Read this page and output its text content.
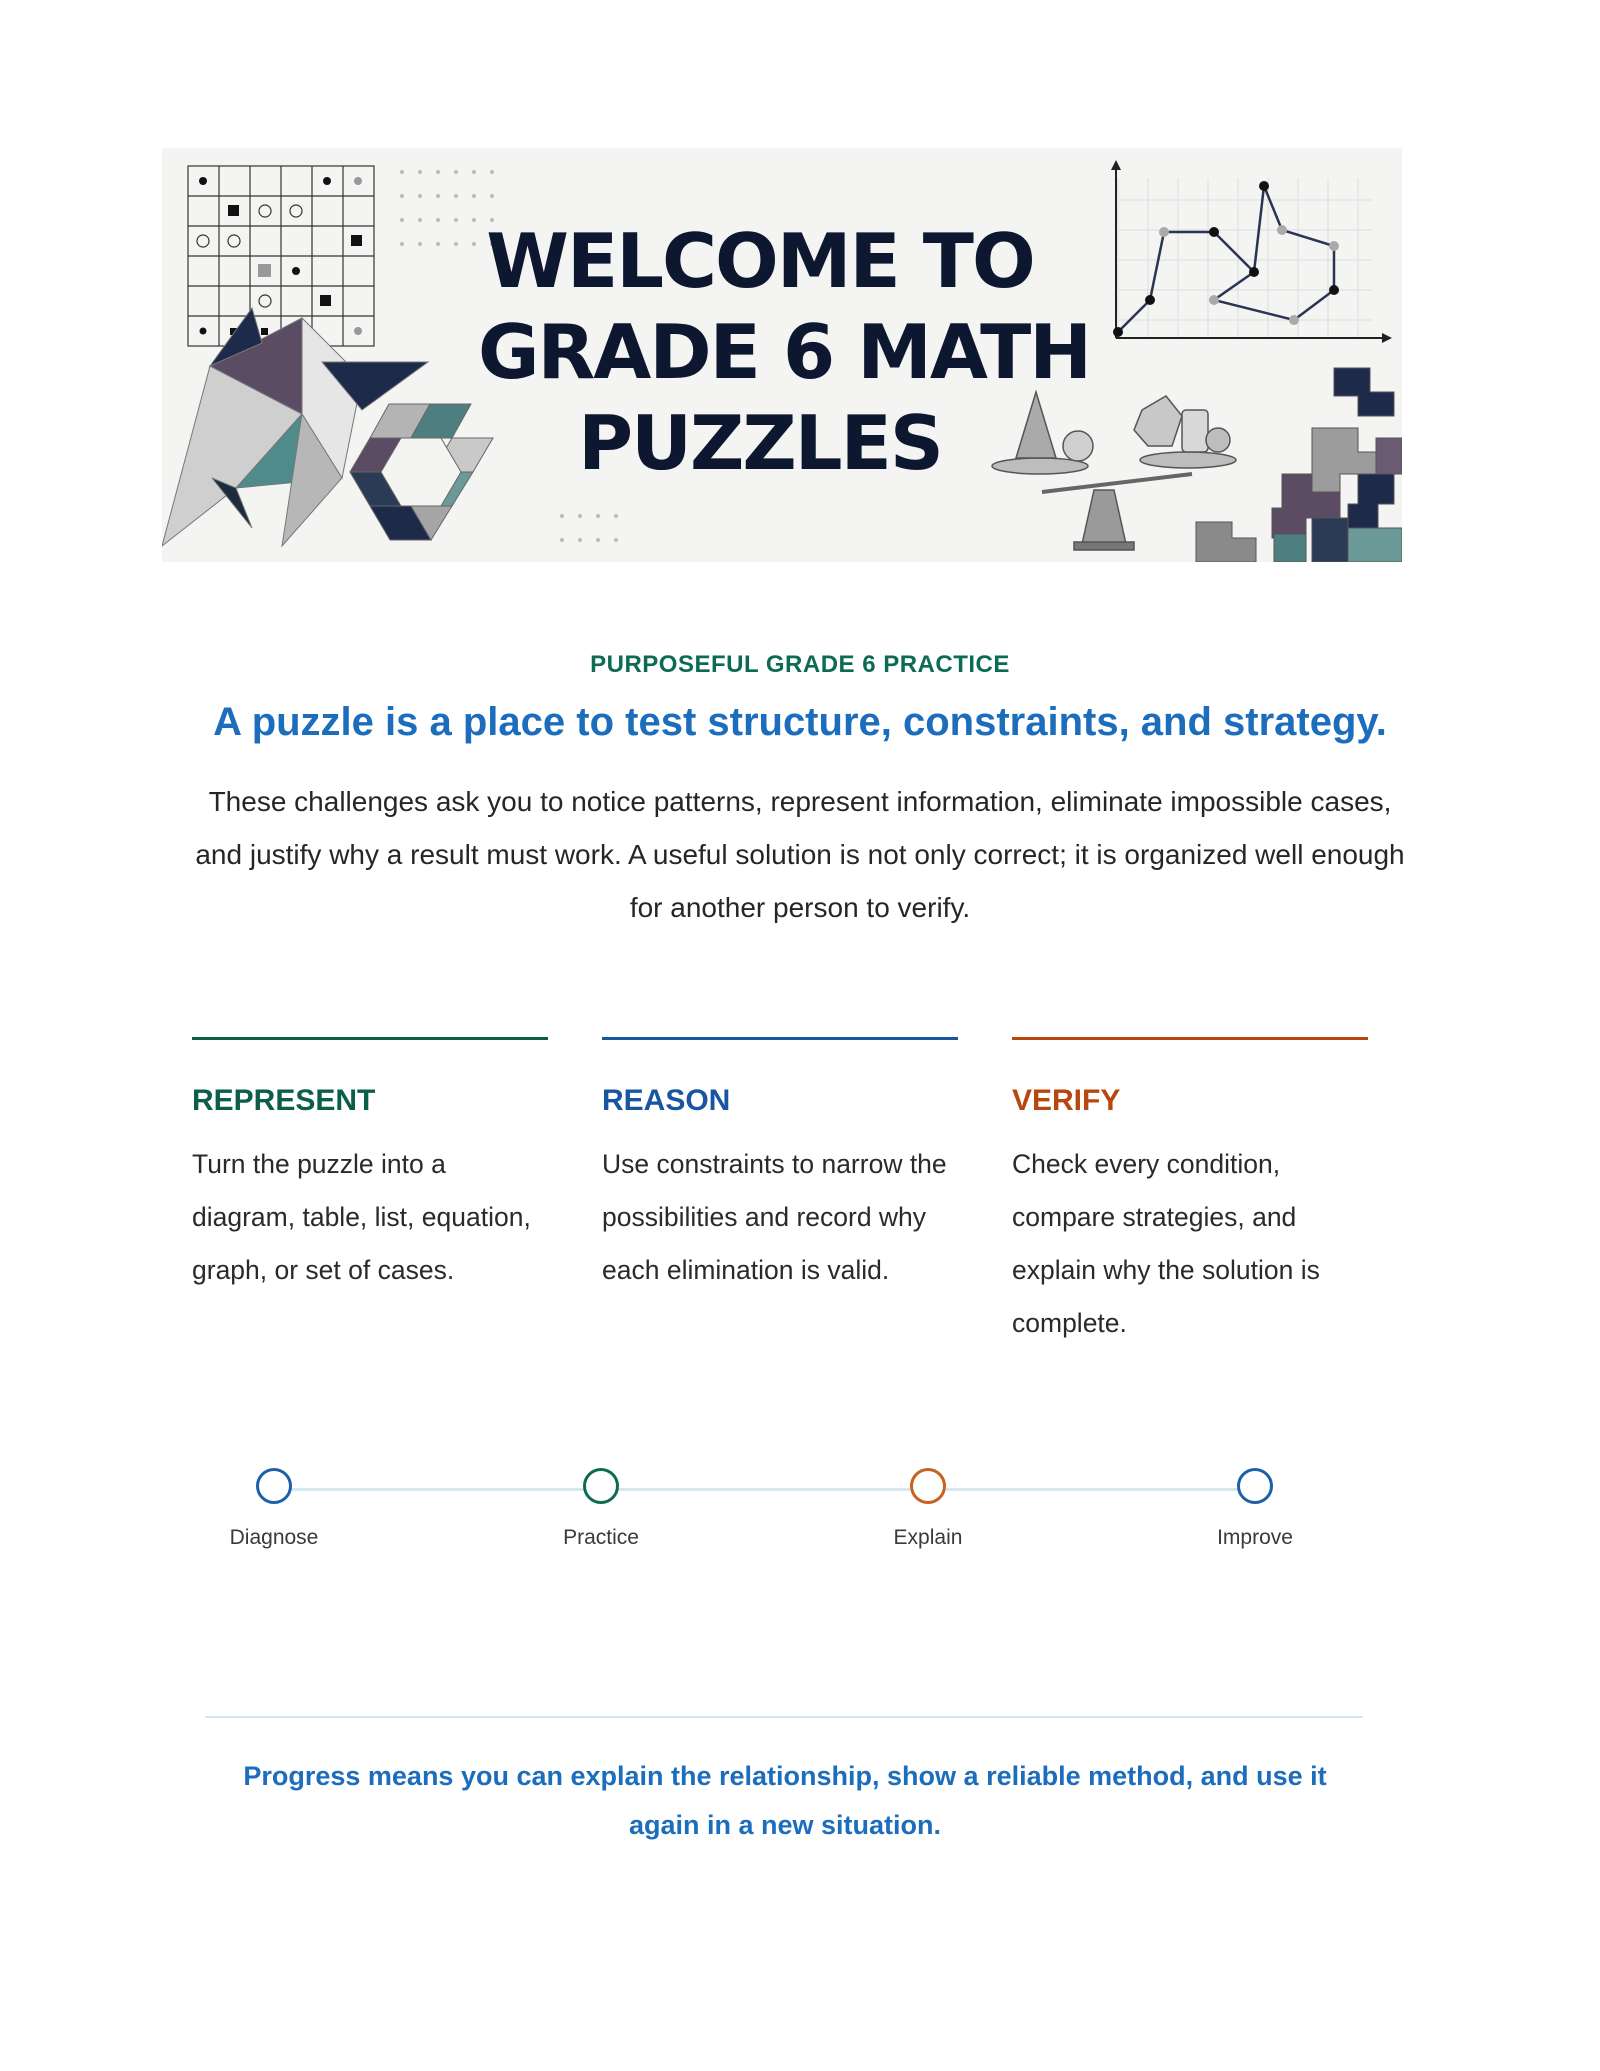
WELCOME TO
GRADE 6 MATH
PUZZLES
PURPOSEFUL GRADE 6 PRACTICE
A puzzle is a place to test structure, constraints, and strategy.
These challenges ask you to notice patterns, represent information, eliminate impossible cases, and justify why a result must work. A useful solution is not only correct; it is organized well enough for another person to verify.
REPRESENT
Turn the puzzle into a diagram, table, list, equation, graph, or set of cases.
REASON
Use constraints to narrow the possibilities and record why each elimination is valid.
VERIFY
Check every condition, compare strategies, and explain why the solution is complete.
Diagnose	Practice	Explain	Improve
Progress means you can explain the relationship, show a reliable method, and use it again in a new situation.
